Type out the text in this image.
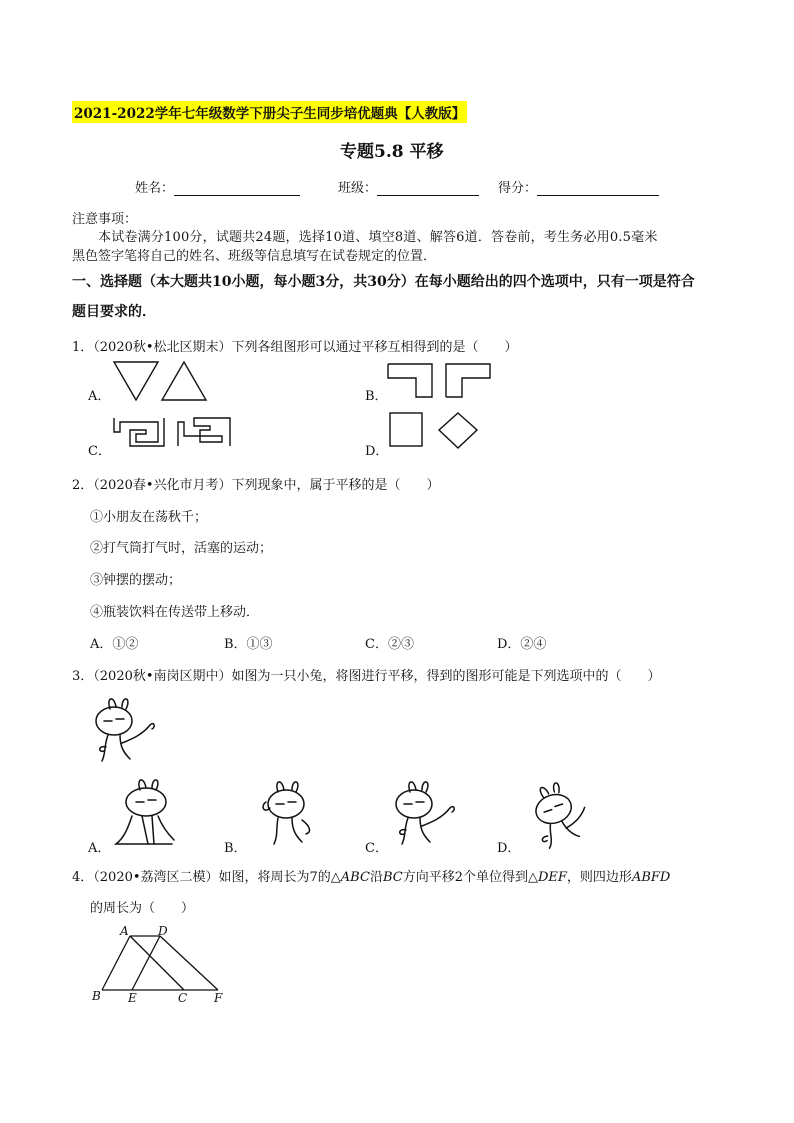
2021-2022学年七年级数学下册尖子生同步培优题典【人教版】
专题5.8 平移
姓名：	班级：	得分：
注意事项：
本试卷满分100分，试题共24题，选择10道、填空8道、解答6道．答卷前，考生务必用0.5毫米
黑色签字笔将自己的姓名、班级等信息填写在试卷规定的位置．
一、选择题（本大题共10小题，每小题3分，共30分）在每小题给出的四个选项中，只有一项是符合
题目要求的．
1．（2020秋•松北区期末）下列各组图形可以通过平移互相得到的是（　　）
A．	B．
C．	D．
2．（2020春•兴化市月考）下列现象中，属于平移的是（　　）
①小朋友在荡秋千；
②打气筒打气时，活塞的运动；
③钟摆的摆动；
④瓶装饮料在传送带上移动．
A．①②	B．①③	C．②③	D．②④
3．（2020秋•南岗区期中）如图为一只小兔，将图进行平移，得到的图形可能是下列选项中的（　　）
A．	B．	C．	D．
4．（2020•荔湾区二模）如图，将周长为7的△ABC沿BC方向平移2个单位得到△DEF，则四边形ABFD
的周长为（　　）
A D
B E	C F
